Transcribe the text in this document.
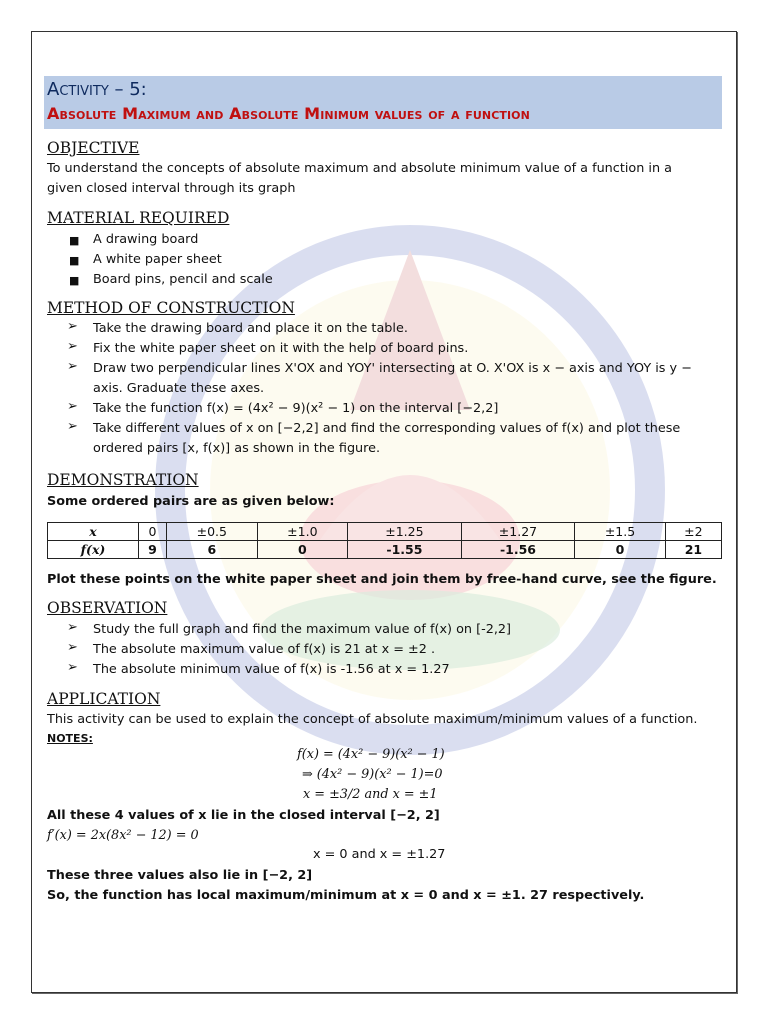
Activity – 5:
Absolute Maximum and Absolute Minimum values of a function
OBJECTIVE
To understand the concepts of absolute maximum and absolute minimum value of a function in a
given closed interval through its graph
MATERIAL REQUIRED
■ A drawing board
■ A white paper sheet
■ Board pins, pencil and scale
METHOD OF CONSTRUCTION
➢ Take the drawing board and place it on the table.
➢ Fix the white paper sheet on it with the help of board pins.
➢ Draw two perpendicular lines X'OX and YOY' intersecting at O. X'OX is x − axis and YOY is y −
axis. Graduate these axes.
➢ Take the function f(x) = (4x² − 9)(x² − 1) on the interval [−2,2]
➢ Take different values of x on [−2,2] and find the corresponding values of f(x) and plot these
ordered pairs [x, f(x)] as shown in the figure.
DEMONSTRATION
Some ordered pairs are as given below:
x	0	±0.5	±1.0	±1.25	±1.27	±1.5	±2
f(x)	9	6	0	-1.55	-1.56	0	21
Plot these points on the white paper sheet and join them by free-hand curve, see the figure.
OBSERVATION
➢ Study the full graph and find the maximum value of f(x) on [-2,2]
➢ The absolute maximum value of f(x) is 21 at x = ±2 .
➢ The absolute minimum value of f(x) is -1.56 at x = 1.27
APPLICATION
This activity can be used to explain the concept of absolute maximum/minimum values of a function.
NOTES:
f(x) = (4x² − 9)(x² − 1)
⇒ (4x² − 9)(x² − 1)=0
x = ±3/2 and x = ±1
All these 4 values of x lie in the closed interval [−2, 2]
f′(x) = 2x(8x² − 12) = 0
x = 0 and x = ±1.27
These three values also lie in [−2, 2]
So, the function has local maximum/minimum at x = 0 and x = ±1. 27 respectively.
